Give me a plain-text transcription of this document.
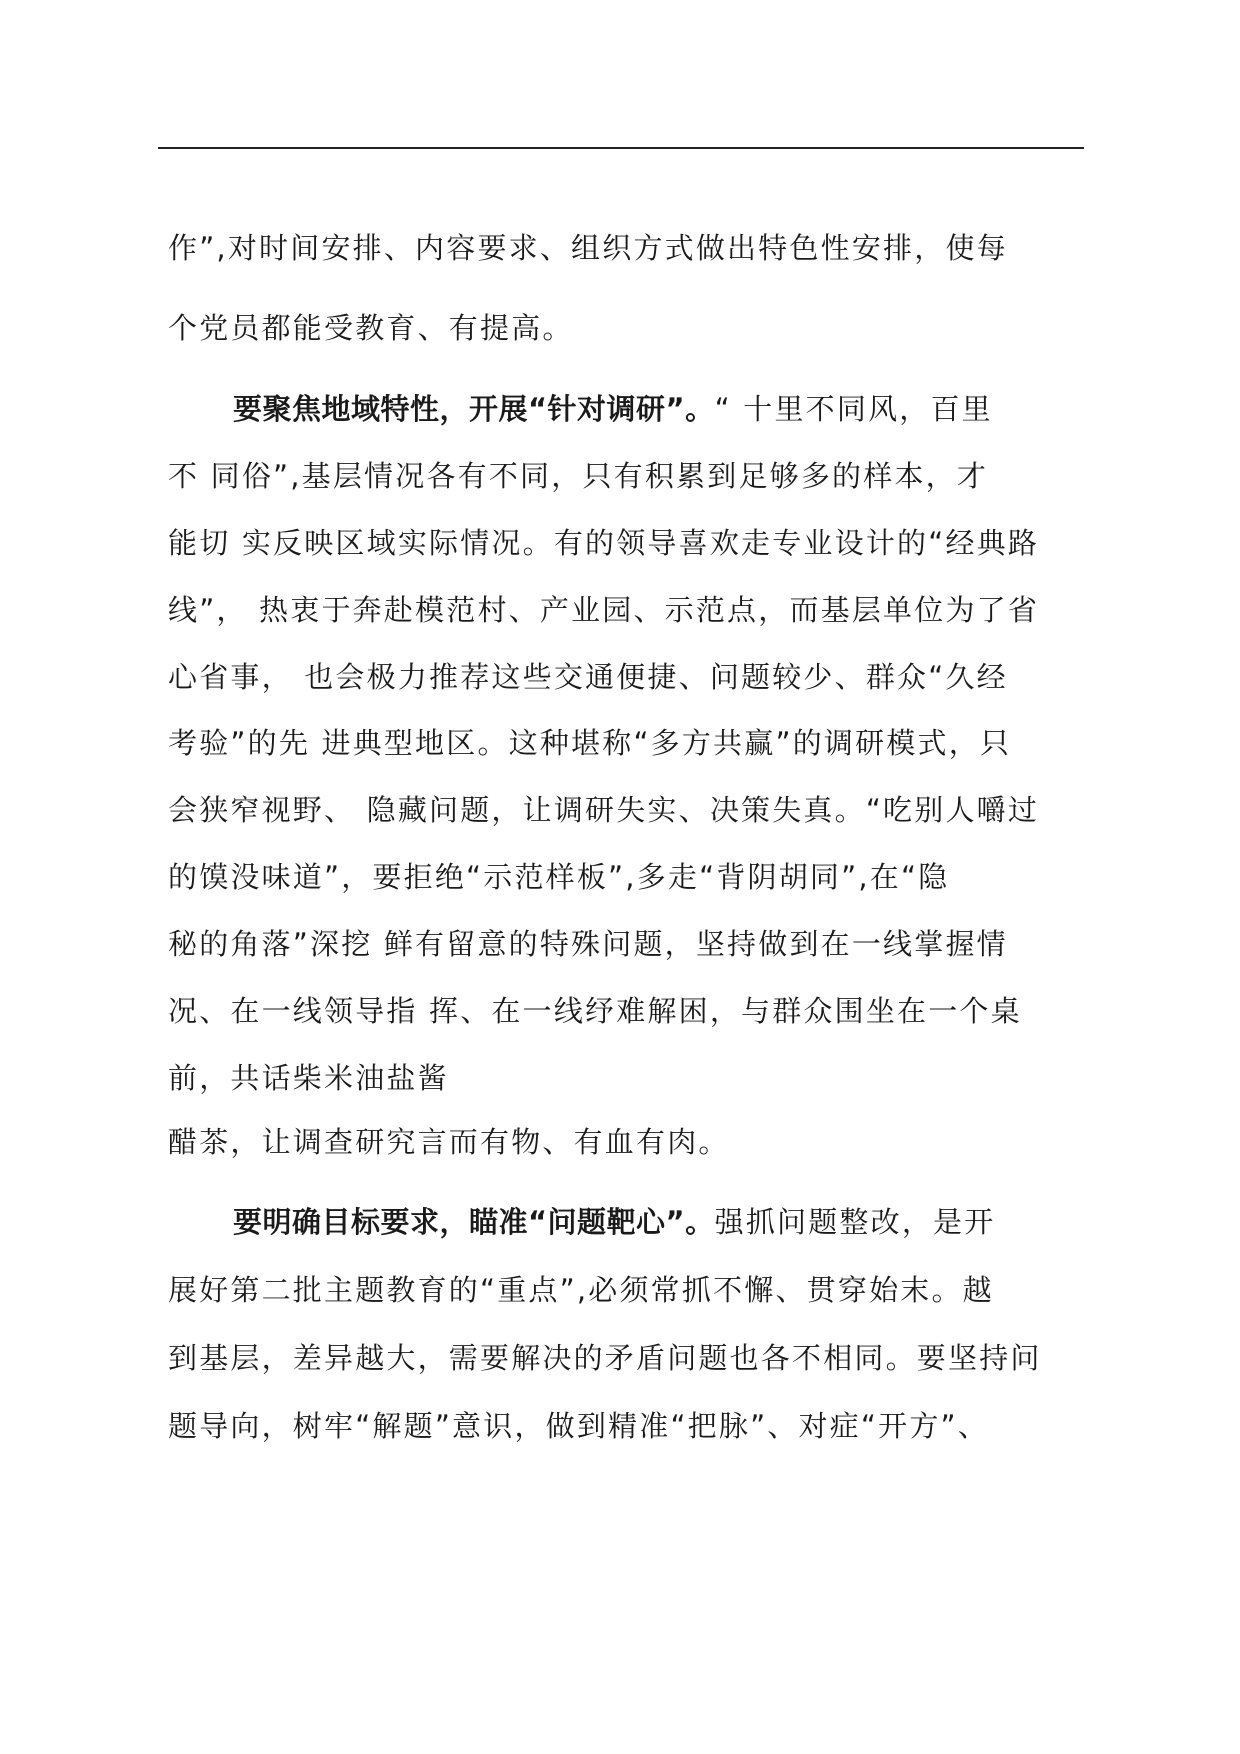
作”,对时间安排、内容要求、组织方式做出特色性安排，使每
个党员都能受教育、有提高。
要聚焦地域特性，开展“针对调研”。“ 十里不同风，百里
不 同俗”,基层情况各有不同，只有积累到足够多的样本，才
能切 实反映区域实际情况。有的领导喜欢走专业设计的“经典路
线”， 热衷于奔赴模范村、产业园、示范点，而基层单位为了省
心省事， 也会极力推荐这些交通便捷、问题较少、群众“久经
考验”的先 进典型地区。这种堪称“多方共赢”的调研模式，只
会狭窄视野、 隐藏问题，让调研失实、决策失真。“吃别人嚼过
的馍没味道”，要拒绝“示范样板”,多走“背阴胡同”,在“隐
秘的角落”深挖 鲜有留意的特殊问题，坚持做到在一线掌握情
况、在一线领导指 挥、在一线纾难解困，与群众围坐在一个桌
前，共话柴米油盐酱
醋茶，让调查研究言而有物、有血有肉。
要明确目标要求，瞄准“问题靶心”。强抓问题整改，是开
展好第二批主题教育的“重点”,必须常抓不懈、贯穿始末。越
到基层，差异越大，需要解决的矛盾问题也各不相同。要坚持问
题导向，树牢“解题”意识，做到精准“把脉”、对症“开方”、
